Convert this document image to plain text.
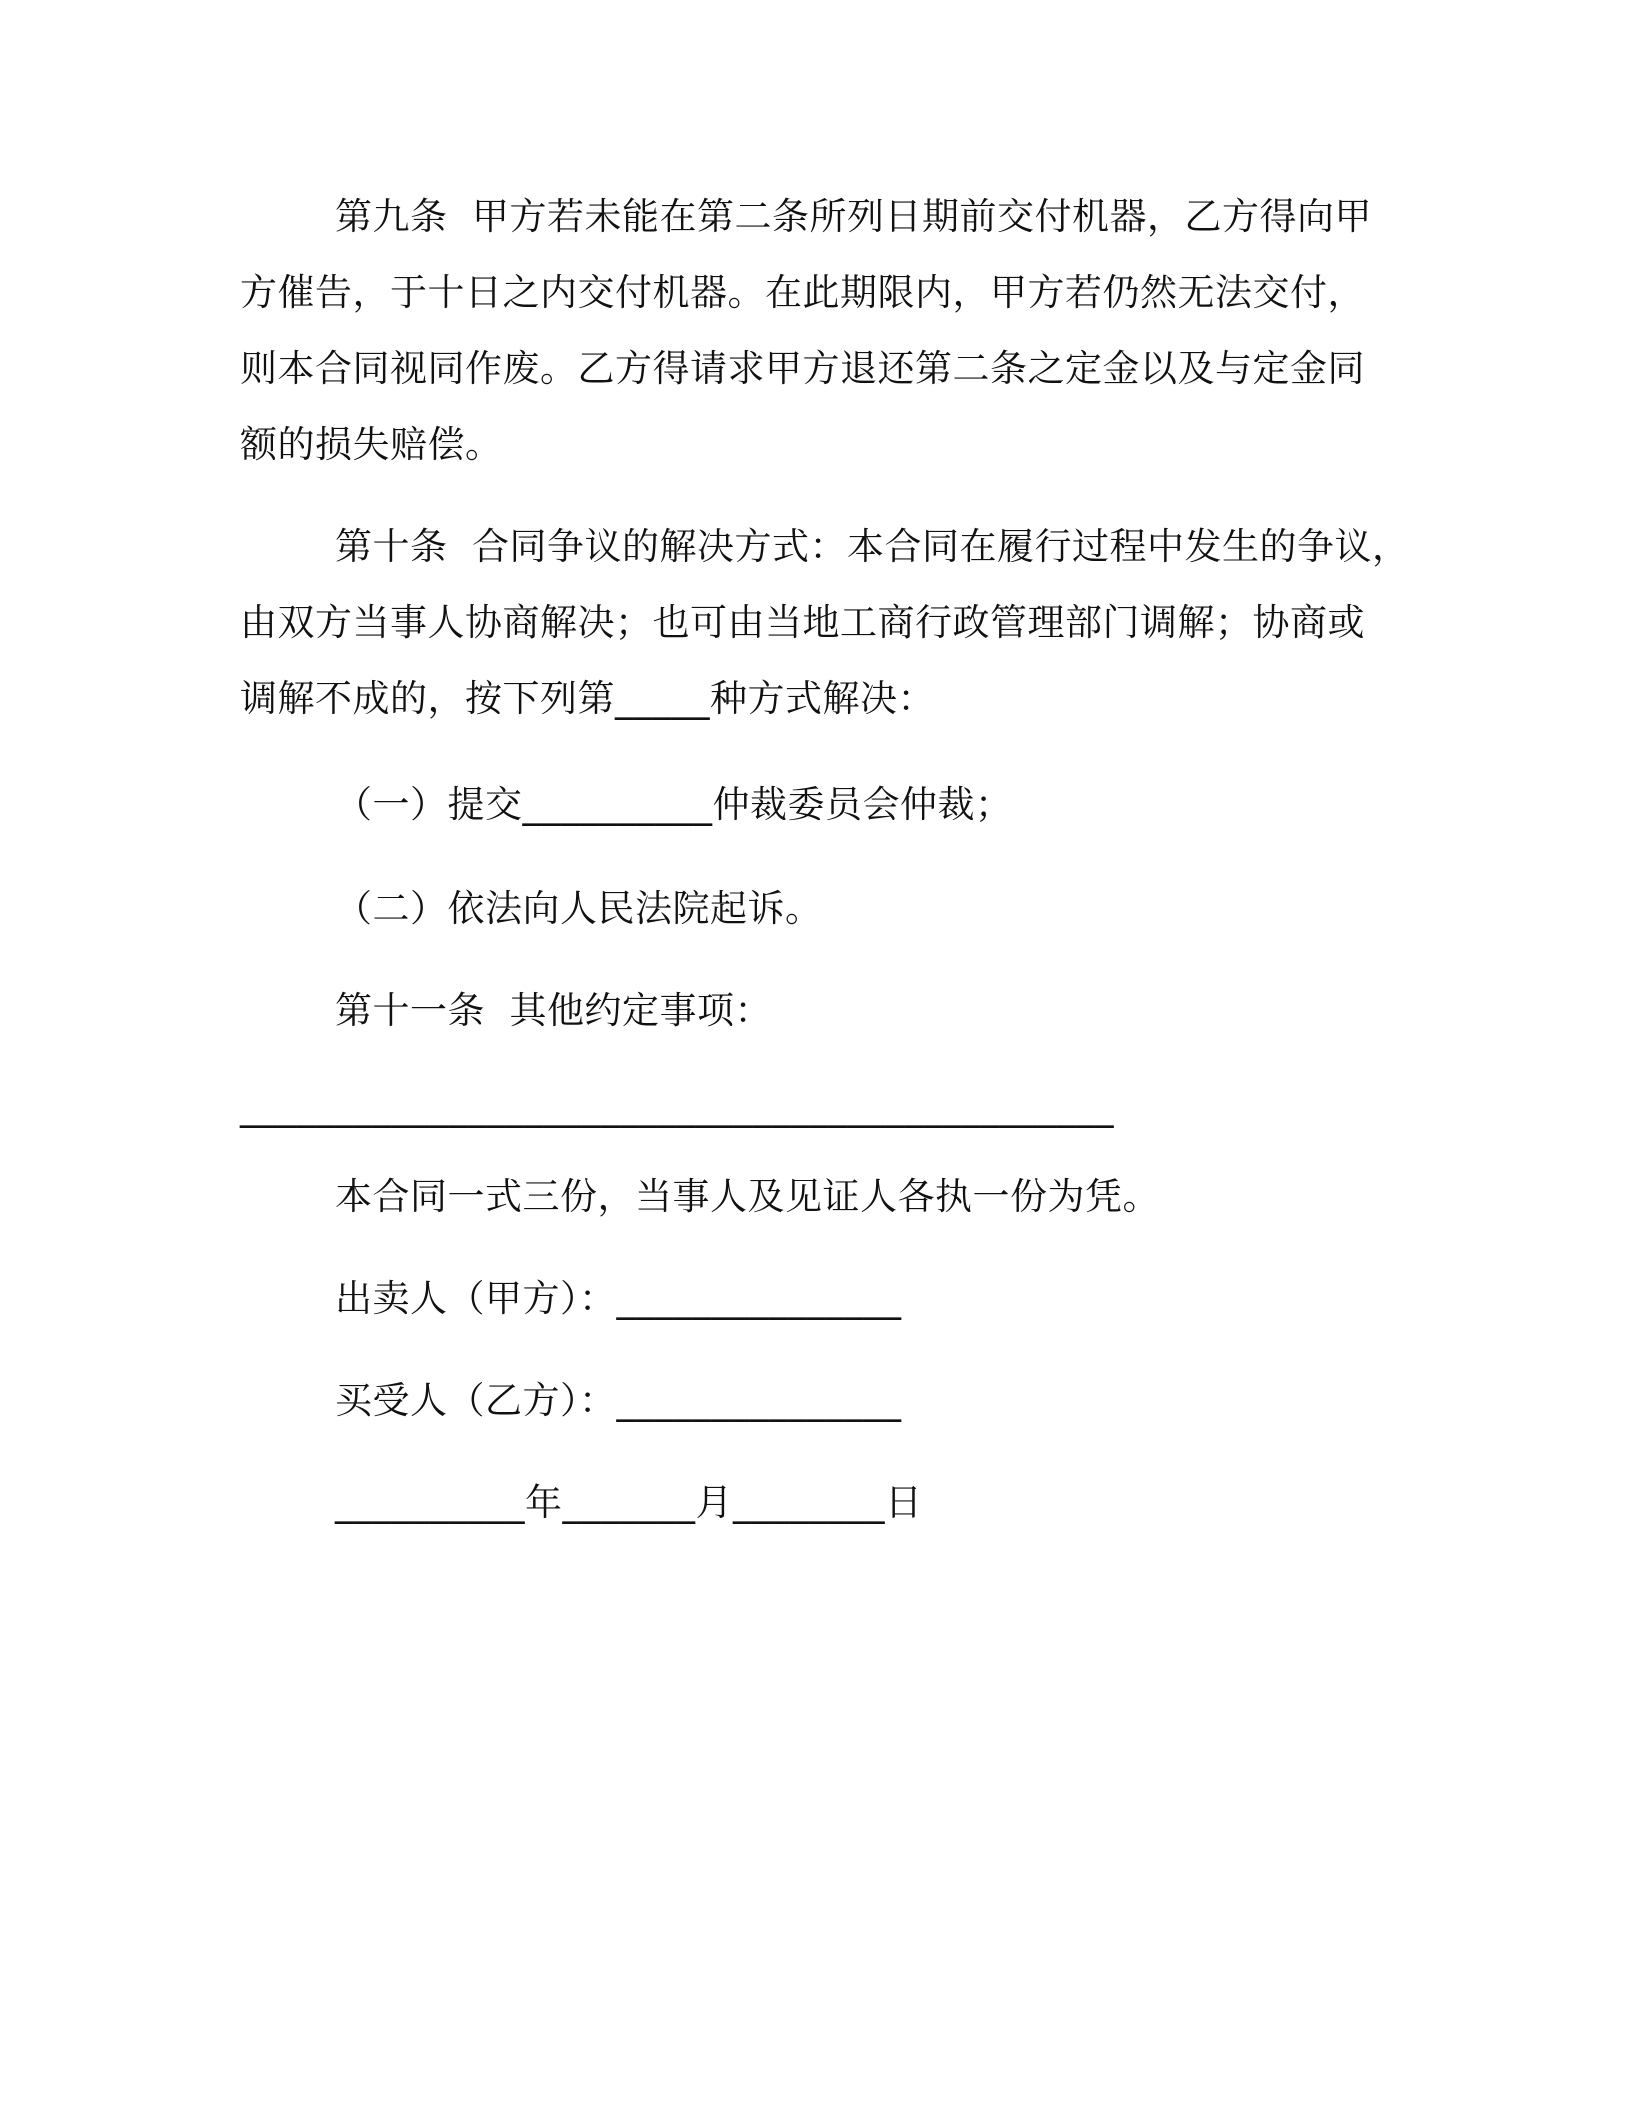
第九条  甲方若未能在第二条所列日期前交付机器，乙方得向甲
方催告，于十日之内交付机器。在此期限内，甲方若仍然无法交付，
则本合同视同作废。乙方得请求甲方退还第二条之定金以及与定金同
额的损失赔偿。
第十条  合同争议的解决方式：本合同在履行过程中发生的争议，
由双方当事人协商解决；也可由当地工商行政管理部门调解；协商或
调解不成的，按下列第_____种方式解决：
（一）提交__________仲裁委员会仲裁；
（二）依法向人民法院起诉。
第十一条  其他约定事项：
______________________________________________
本合同一式三份，当事人及见证人各执一份为凭。
出卖人（甲方）：_______________
买受人（乙方）：_______________
__________年_______月________日
